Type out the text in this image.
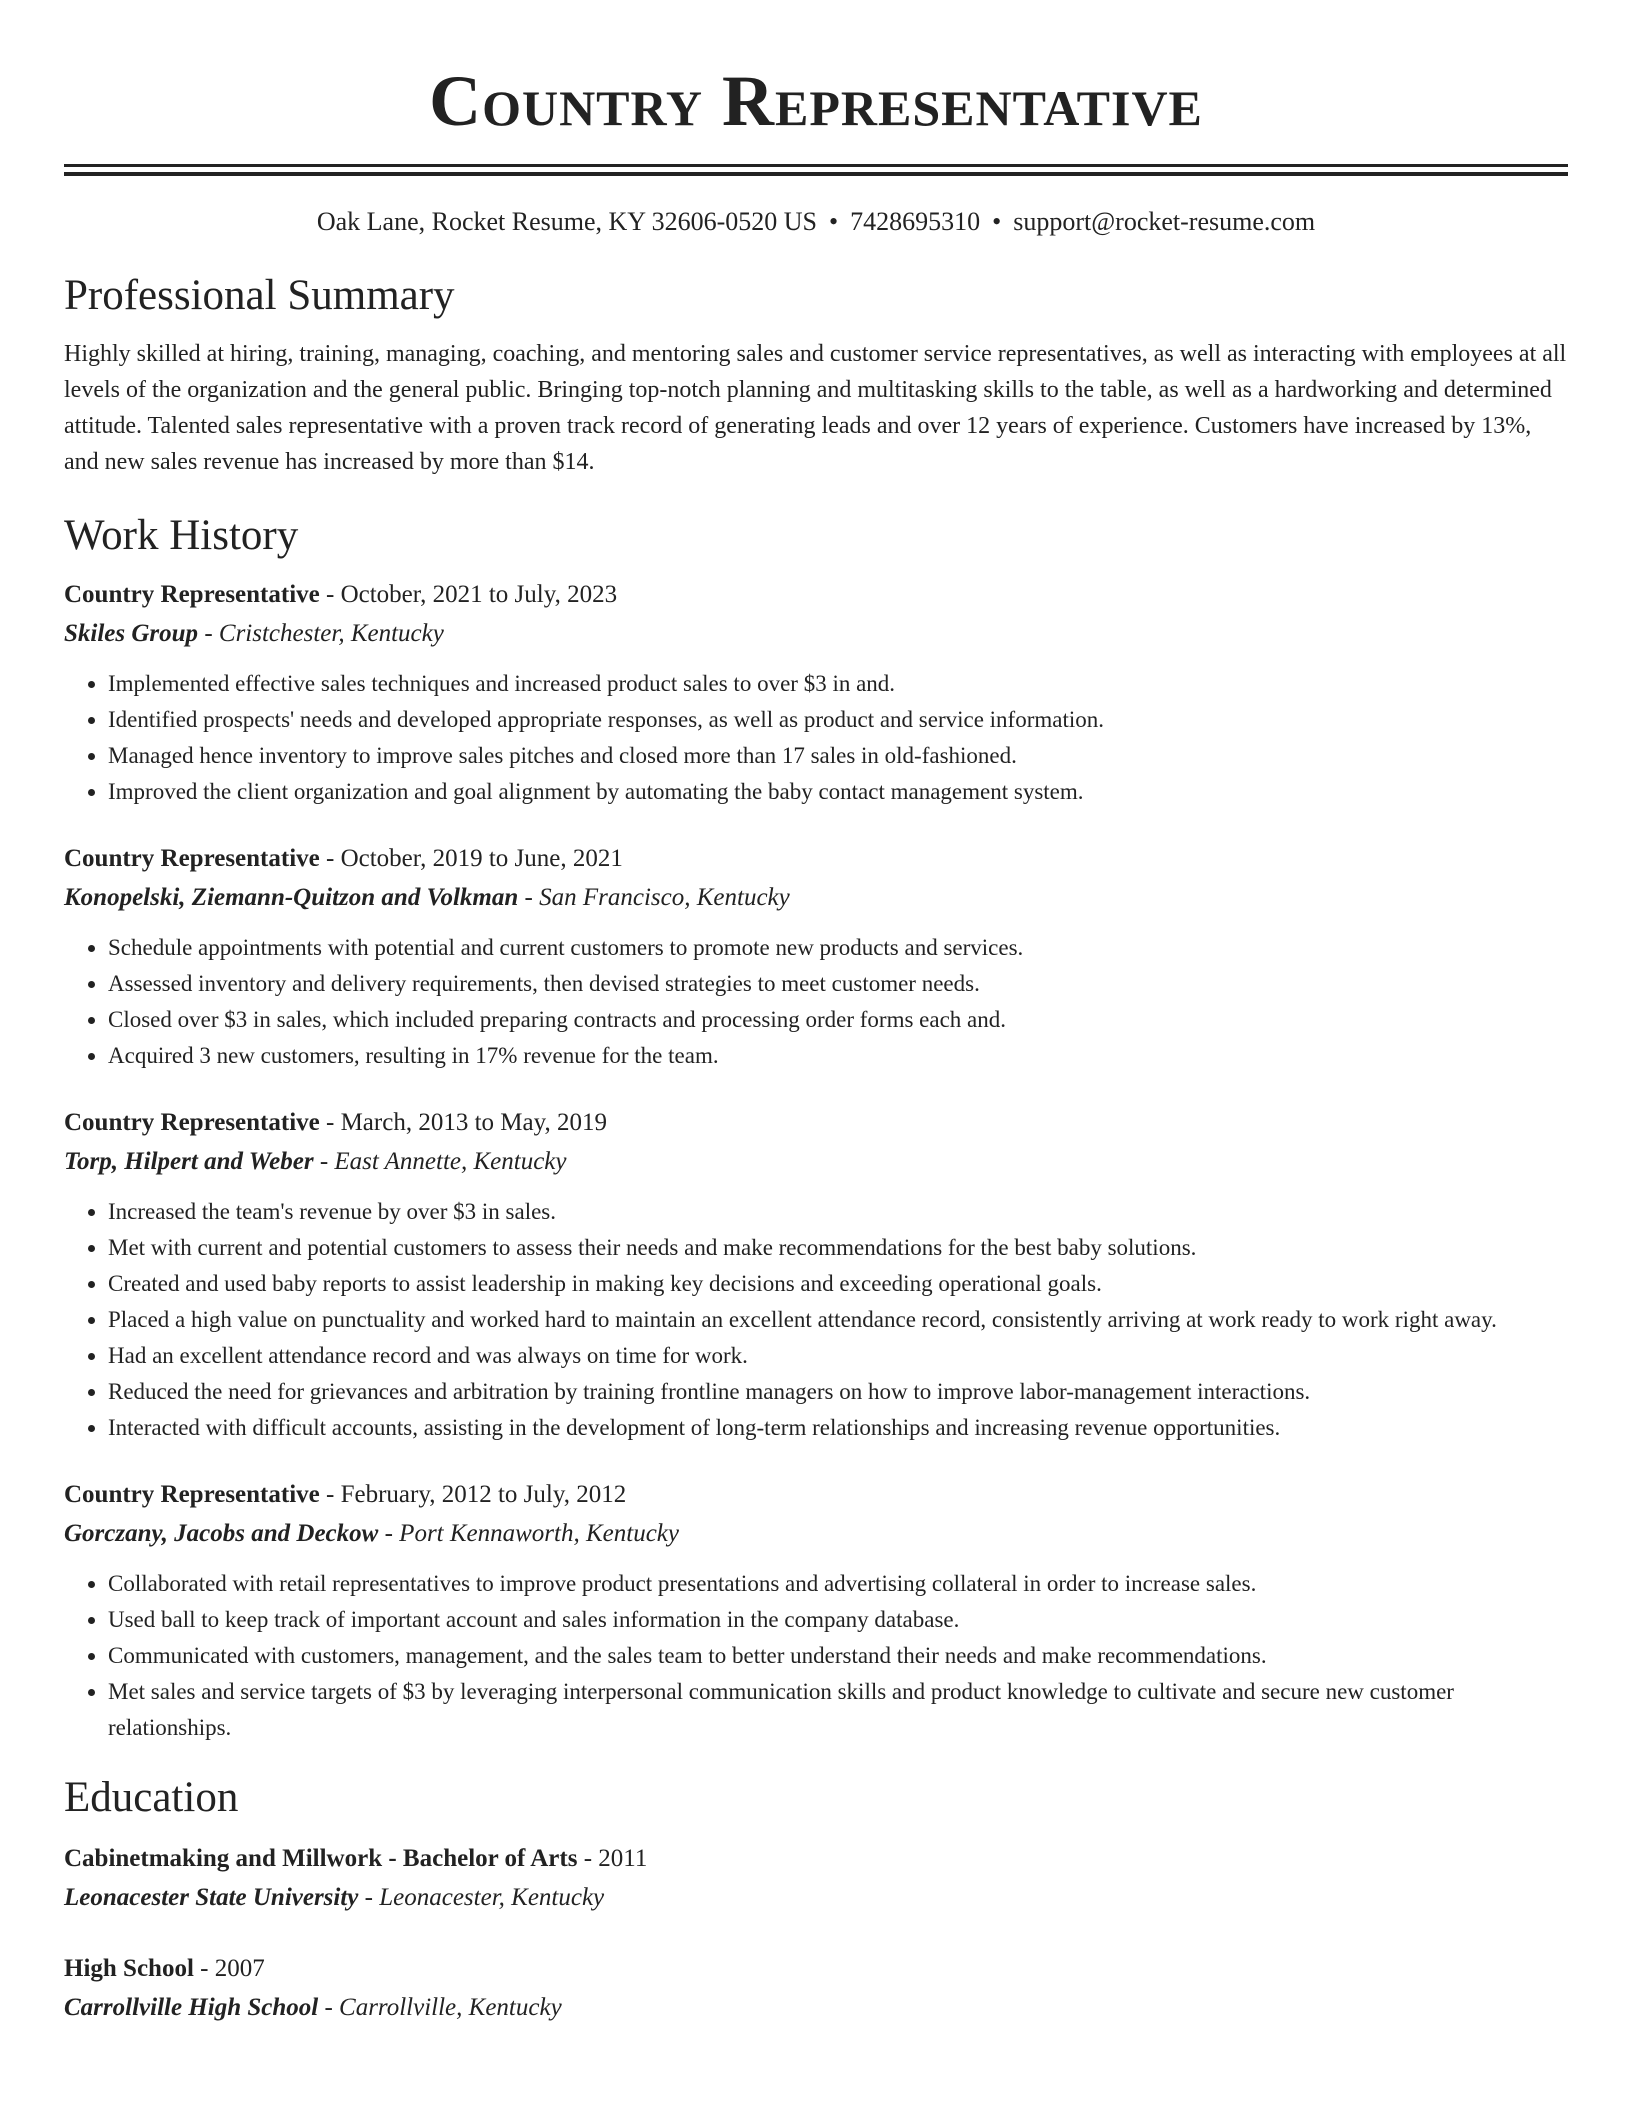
Country Representative
Oak Lane, Rocket Resume, KY 32606-0520 US • 7428695310 • support@rocket-resume.com
Professional Summary

Highly skilled at hiring, training, managing, coaching, and mentoring sales and customer service representatives, as well as interacting with employees at all levels of the organization and the general public. Bringing top-notch planning and multitasking skills to the table, as well as a hardworking and determined attitude. Talented sales representative with a proven track record of generating leads and over 12 years of experience. Customers have increased by 13%, and new sales revenue has increased by more than $14.

Work History
Country Representative - October, 2021 to July, 2023
Skiles Group - Cristchester, Kentucky
• Implemented effective sales techniques and increased product sales to over $3 in and.
• Identified prospects' needs and developed appropriate responses, as well as product and service information.
• Managed hence inventory to improve sales pitches and closed more than 17 sales in old-fashioned.
• Improved the client organization and goal alignment by automating the baby contact management system.
Country Representative - October, 2019 to June, 2021
Konopelski, Ziemann-Quitzon and Volkman - San Francisco, Kentucky
• Schedule appointments with potential and current customers to promote new products and services.
• Assessed inventory and delivery requirements, then devised strategies to meet customer needs.
• Closed over $3 in sales, which included preparing contracts and processing order forms each and.
• Acquired 3 new customers, resulting in 17% revenue for the team.
Country Representative - March, 2013 to May, 2019
Torp, Hilpert and Weber - East Annette, Kentucky
• Increased the team's revenue by over $3 in sales.
• Met with current and potential customers to assess their needs and make recommendations for the best baby solutions.
• Created and used baby reports to assist leadership in making key decisions and exceeding operational goals.
• Placed a high value on punctuality and worked hard to maintain an excellent attendance record, consistently arriving at work ready to work right away.
• Had an excellent attendance record and was always on time for work.
• Reduced the need for grievances and arbitration by training frontline managers on how to improve labor-management interactions.
• Interacted with difficult accounts, assisting in the development of long-term relationships and increasing revenue opportunities.
Country Representative - February, 2012 to July, 2012
Gorczany, Jacobs and Deckow - Port Kennaworth, Kentucky
• Collaborated with retail representatives to improve product presentations and advertising collateral in order to increase sales.
• Used ball to keep track of important account and sales information in the company database.
• Communicated with customers, management, and the sales team to better understand their needs and make recommendations.
• Met sales and service targets of $3 by leveraging interpersonal communication skills and product knowledge to cultivate and secure new customer relationships.
Education
Cabinetmaking and Millwork - Bachelor of Arts - 2011
Leonacester State University - Leonacester, Kentucky
High School - 2007
Carrollville High School - Carrollville, Kentucky
